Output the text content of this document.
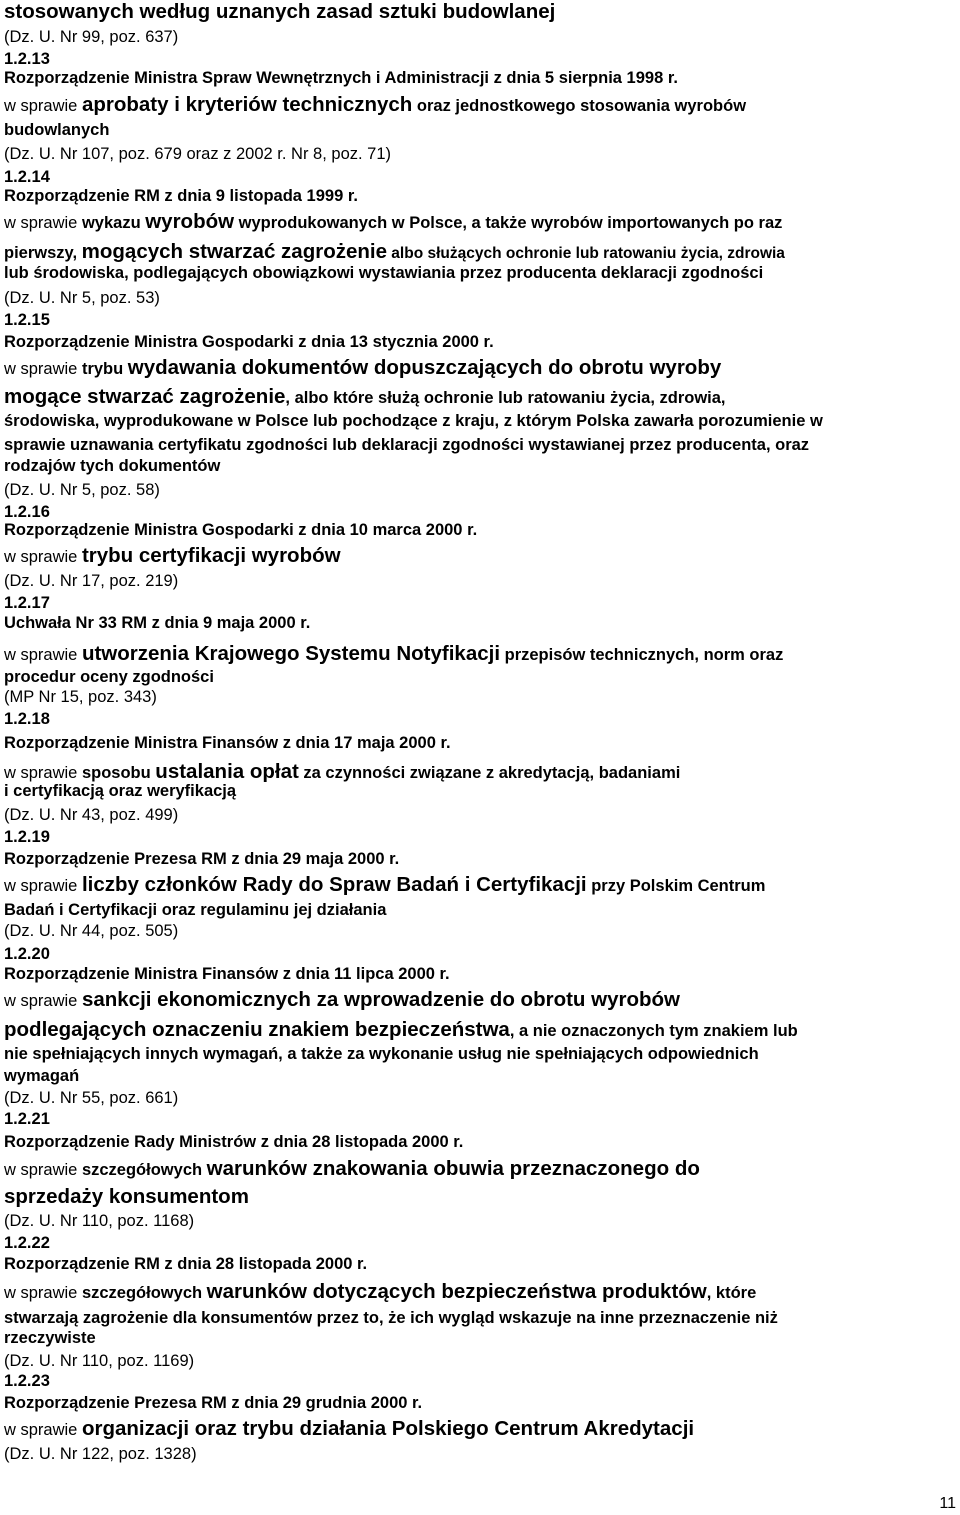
stosowanych według uznanych zasad sztuki budowlanej
(Dz. U. Nr 99, poz. 637)
1.2.13
Rozporządzenie Ministra Spraw Wewnętrznych i Administracji z dnia 5 sierpnia 1998 r.
w sprawie aprobaty i kryteriów technicznych oraz jednostkowego stosowania wyrobów
budowlanych
(Dz. U. Nr 107, poz. 679 oraz z 2002 r. Nr 8, poz. 71)
1.2.14
Rozporządzenie RM z dnia 9 listopada 1999 r.
w sprawie wykazu wyrobów wyprodukowanych w Polsce, a także wyrobów importowanych po raz
pierwszy, mogących stwarzać zagrożenie albo służących ochronie lub ratowaniu życia, zdrowia
lub środowiska, podlegających obowiązkowi wystawiania przez producenta deklaracji zgodności
(Dz. U. Nr 5, poz. 53)
1.2.15
Rozporządzenie Ministra Gospodarki z dnia 13 stycznia 2000 r.
w sprawie trybu wydawania dokumentów dopuszczających do obrotu wyroby
mogące stwarzać zagrożenie, albo które służą ochronie lub ratowaniu życia, zdrowia,
środowiska, wyprodukowane w Polsce lub pochodzące z kraju, z którym Polska zawarła porozumienie w
sprawie uznawania certyfikatu zgodności lub deklaracji zgodności wystawianej przez producenta, oraz
rodzajów tych dokumentów
(Dz. U. Nr 5, poz. 58)
1.2.16
Rozporządzenie Ministra Gospodarki z dnia 10 marca 2000 r.
w sprawie trybu certyfikacji wyrobów
(Dz. U. Nr 17, poz. 219)
1.2.17
Uchwała Nr 33 RM z dnia 9 maja 2000 r.
w sprawie utworzenia Krajowego Systemu Notyfikacji przepisów technicznych, norm oraz
procedur oceny zgodności
(MP Nr 15, poz. 343)
1.2.18
Rozporządzenie Ministra Finansów z dnia 17 maja 2000 r.
w sprawie sposobu ustalania opłat za czynności związane z akredytacją, badaniami
i certyfikacją oraz weryfikacją
(Dz. U. Nr 43, poz. 499)
1.2.19
Rozporządzenie Prezesa RM z dnia 29 maja 2000 r.
w sprawie liczby członków Rady do Spraw Badań i Certyfikacji przy Polskim Centrum
Badań i Certyfikacji oraz regulaminu jej działania
(Dz. U. Nr 44, poz. 505)
1.2.20
Rozporządzenie Ministra Finansów z dnia 11 lipca 2000 r.
w sprawie sankcji ekonomicznych za wprowadzenie do obrotu wyrobów
podlegających oznaczeniu znakiem bezpieczeństwa, a nie oznaczonych tym znakiem lub
nie spełniających innych wymagań, a także za wykonanie usług nie spełniających odpowiednich
wymagań
(Dz. U. Nr 55, poz. 661)
1.2.21
Rozporządzenie Rady Ministrów z dnia 28 listopada 2000 r.
w sprawie szczegółowych warunków znakowania obuwia przeznaczonego do
sprzedaży konsumentom
(Dz. U. Nr 110, poz. 1168)
1.2.22
Rozporządzenie RM z dnia 28 listopada 2000 r.
w sprawie szczegółowych warunków dotyczących bezpieczeństwa produktów, które
stwarzają zagrożenie dla konsumentów przez to, że ich wygląd wskazuje na inne przeznaczenie niż
rzeczywiste
(Dz. U. Nr 110, poz. 1169)
1.2.23
Rozporządzenie Prezesa RM z dnia 29 grudnia 2000 r.
w sprawie organizacji oraz trybu działania Polskiego Centrum Akredytacji
(Dz. U. Nr 122, poz. 1328)
11
